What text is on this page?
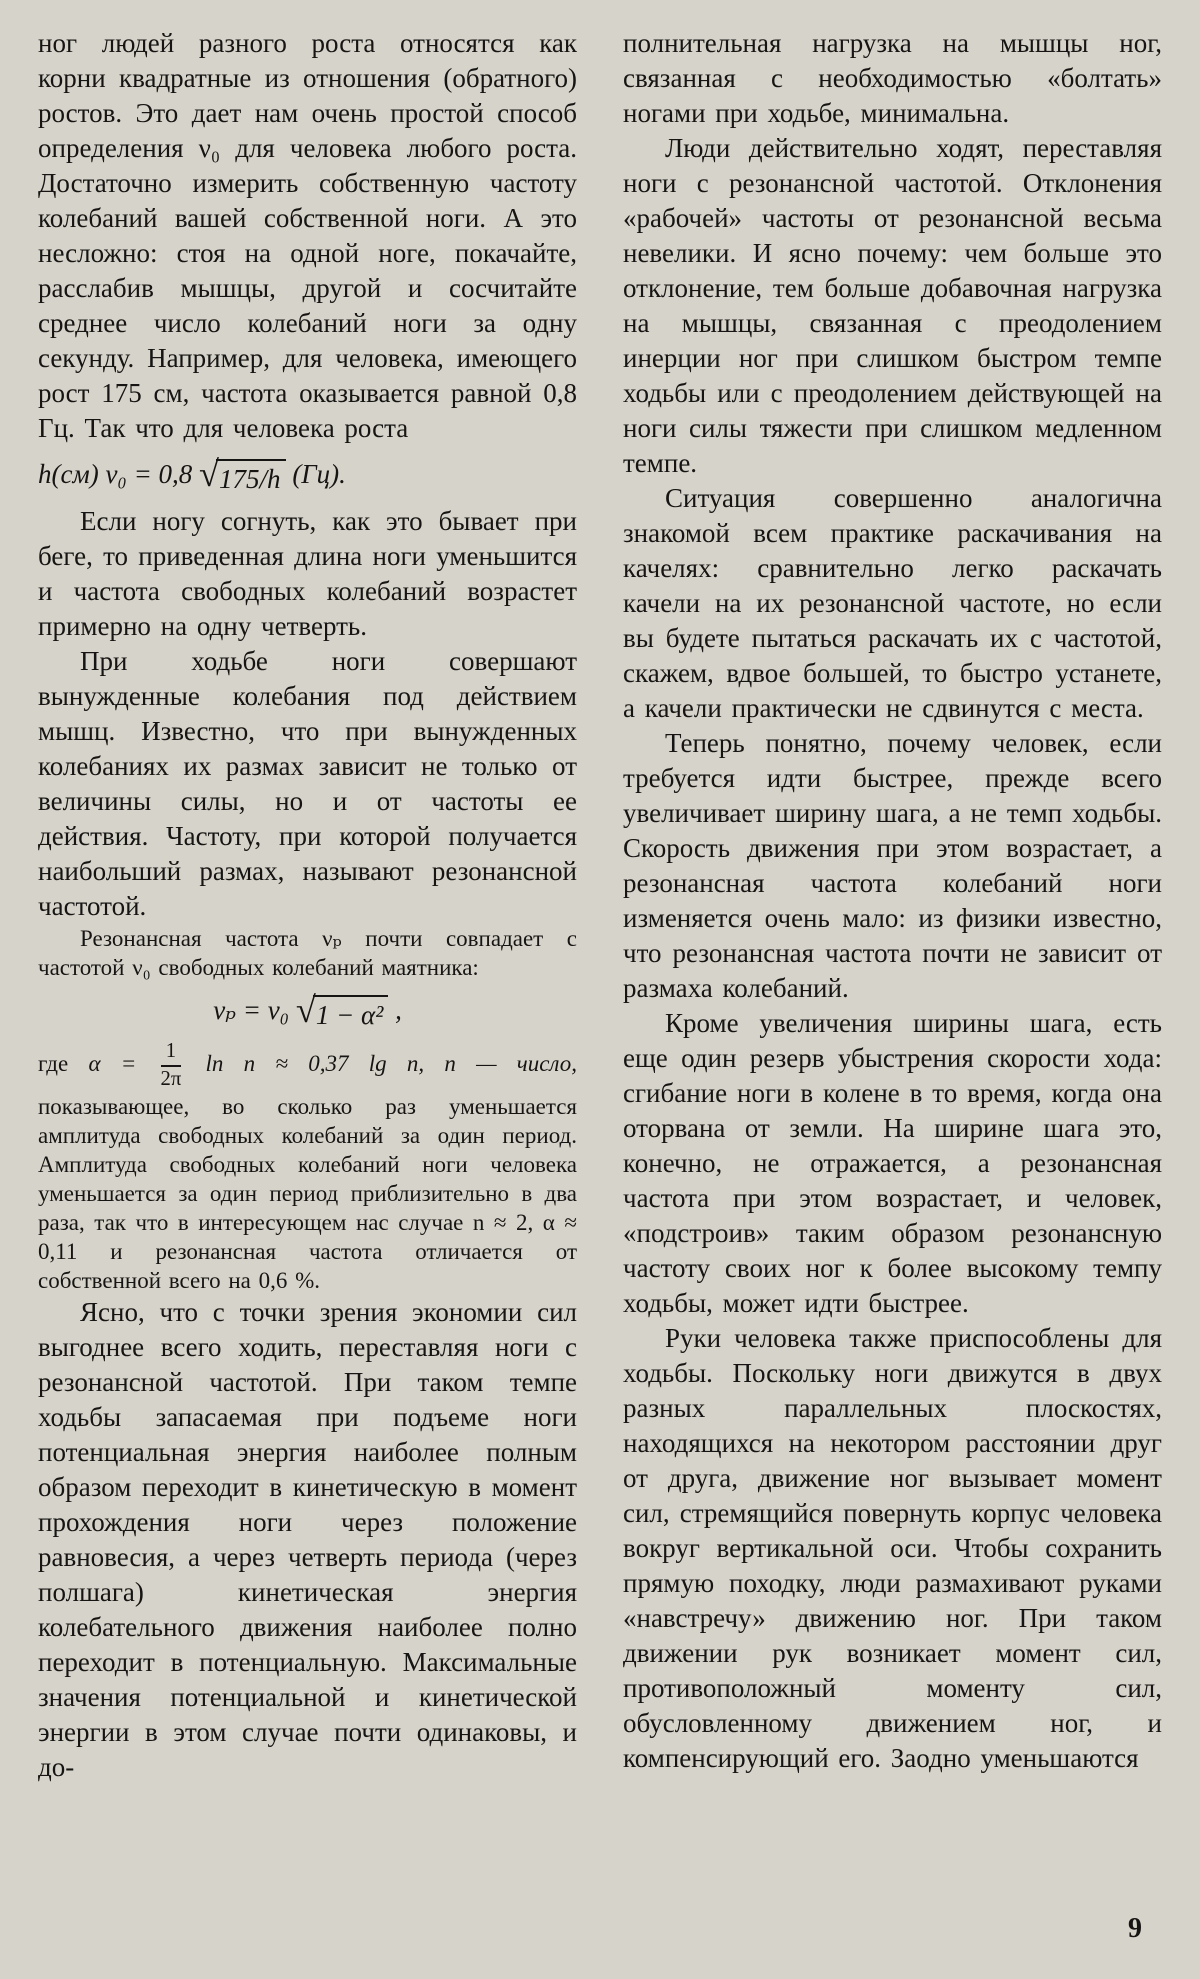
ног людей разного роста относятся как корни квадратные из отношения (обратного) ростов. Это дает нам очень простой способ определения ν₀ для человека любого роста. Достаточно измерить собственную частоту колебаний вашей собственной ноги. А это несложно: стоя на одной ноге, покачайте, расслабив мышцы, другой и сосчитайте среднее число колебаний ноги за одну секунду. Например, для человека, имеющего рост 175 см, частота оказывается равной 0,8 Гц. Так что для человека роста

h(см) ν₀ = 0,8 √ 175/h (Гц).

Если ногу согнуть, как это бывает при беге, то приведенная длина ноги уменьшится и частота свободных колебаний возрастет примерно на одну четверть.

При ходьбе ноги совершают вынужденные колебания под действием мышц. Известно, что при вынужденных колебаниях их размах зависит не только от величины силы, но и от частоты ее действия. Частоту, при которой получается наибольший размах, называют резонансной частотой.

Резонансная частота νₚ почти совпадает с частотой ν₀ свободных колебаний маятника:

νₚ = ν₀ √ 1 − α² ,

где $\alpha = \frac{1}{2\pi}$ ln n ≈ 0,37 lg n, n — число, показывающее, во сколько раз уменьшается амплитуда свободных колебаний за один период. Амплитуда свободных колебаний ноги человека уменьшается за один период приблизительно в два раза, так что в интересующем нас случае n ≈ 2, α ≈ 0,11 и резонансная частота отличается от собственной всего на 0,6 %.

Ясно, что с точки зрения экономии сил выгоднее всего ходить, переставляя ноги с резонансной частотой. При таком темпе ходьбы запасаемая при подъеме ноги потенциальная энергия наиболее полным образом переходит в кинетическую в момент прохождения ноги через положение равновесия, а через четверть периода (через полшага) кинетическая энергия колебательного движения наиболее полно переходит в потенциальную. Максимальные значения потенциальной и кинетической энергии в этом случае почти одинаковы, и до-

полнительная нагрузка на мышцы ног, связанная с необходимостью «болтать» ногами при ходьбе, минимальна.

Люди действительно ходят, переставляя ноги с резонансной частотой. Отклонения «рабочей» частоты от резонансной весьма невелики. И ясно почему: чем больше это отклонение, тем больше добавочная нагрузка на мышцы, связанная с преодолением инерции ног при слишком быстром темпе ходьбы или с преодолением действующей на ноги силы тяжести при слишком медленном темпе.

Ситуация совершенно аналогична знакомой всем практике раскачивания на качелях: сравнительно легко раскачать качели на их резонансной частоте, но если вы будете пытаться раскачать их с частотой, скажем, вдвое большей, то быстро устанете, а качели практически не сдвинутся с места.

Теперь понятно, почему человек, если требуется идти быстрее, прежде всего увеличивает ширину шага, а не темп ходьбы. Скорость движения при этом возрастает, а резонансная частота колебаний ноги изменяется очень мало: из физики известно, что резонансная частота почти не зависит от размаха колебаний.

Кроме увеличения ширины шага, есть еще один резерв убыстрения скорости хода: сгибание ноги в колене в то время, когда она оторвана от земли. На ширине шага это, конечно, не отражается, а резонансная частота при этом возрастает, и человек, «подстроив» таким образом резонансную частоту своих ног к более высокому темпу ходьбы, может идти быстрее.

Руки человека также приспособлены для ходьбы. Поскольку ноги движутся в двух разных параллельных плоскостях, находящихся на некотором расстоянии друг от друга, движение ног вызывает момент сил, стремящийся повернуть корпус человека вокруг вертикальной оси. Чтобы сохранить прямую походку, люди размахивают руками «навстречу» движению ног. При таком движении рук возникает момент сил, противоположный моменту сил, обусловленному движением ног, и компенсирующий его. Заодно уменьшаются

9
